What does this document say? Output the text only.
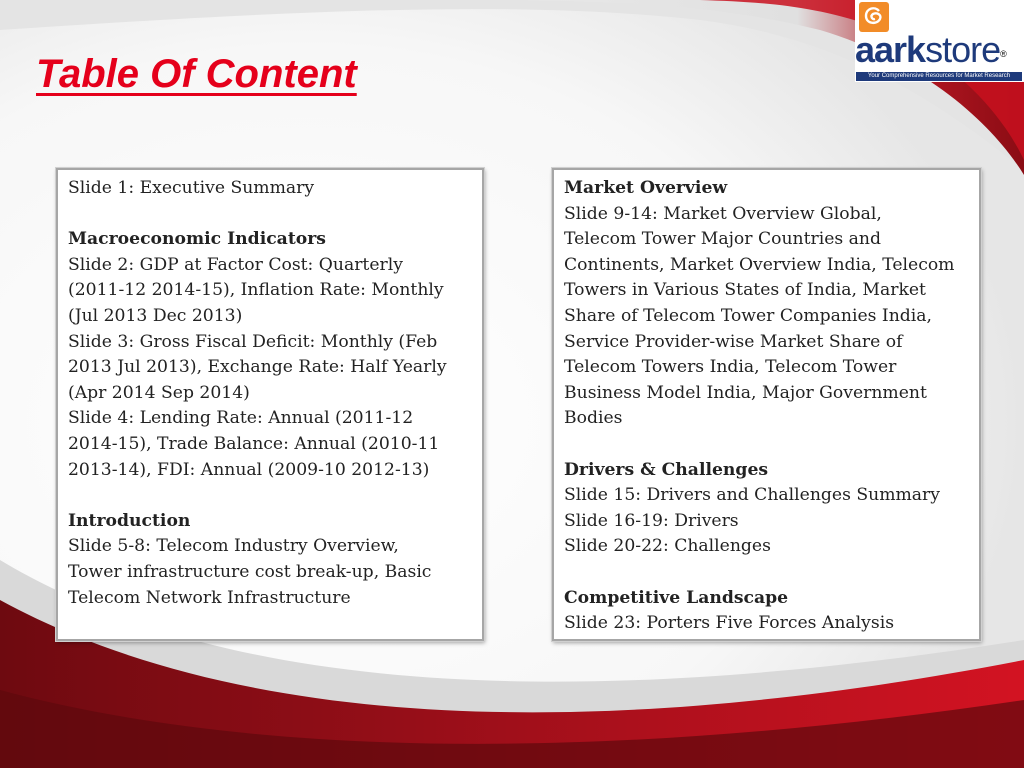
Table Of Content
aarkstore®
Your Comprehensive Resources for Market Research

Slide 1: Executive Summary

Macroeconomic Indicators

Slide 2: GDP at Factor Cost: Quarterly

(2011-12 2014-15), Inflation Rate: Monthly

(Jul 2013 Dec 2013)

Slide 3: Gross Fiscal Deficit: Monthly (Feb

2013 Jul 2013), Exchange Rate: Half Yearly

(Apr 2014 Sep 2014)

Slide 4: Lending Rate: Annual (2011-12

2014-15), Trade Balance: Annual (2010-11

2013-14), FDI: Annual (2009-10 2012-13)

Introduction

Slide 5-8: Telecom Industry Overview,

Tower infrastructure cost break-up, Basic

Telecom Network Infrastructure

Market Overview

Slide 9-14: Market Overview Global,

Telecom Tower Major Countries and

Continents, Market Overview India, Telecom

Towers in Various States of India, Market

Share of Telecom Tower Companies India,

Service Provider-wise Market Share of

Telecom Towers India, Telecom Tower

Business Model India, Major Government

Bodies

Drivers & Challenges

Slide 15: Drivers and Challenges Summary

Slide 16-19: Drivers

Slide 20-22: Challenges

Competitive Landscape

Slide 23: Porters Five Forces Analysis
